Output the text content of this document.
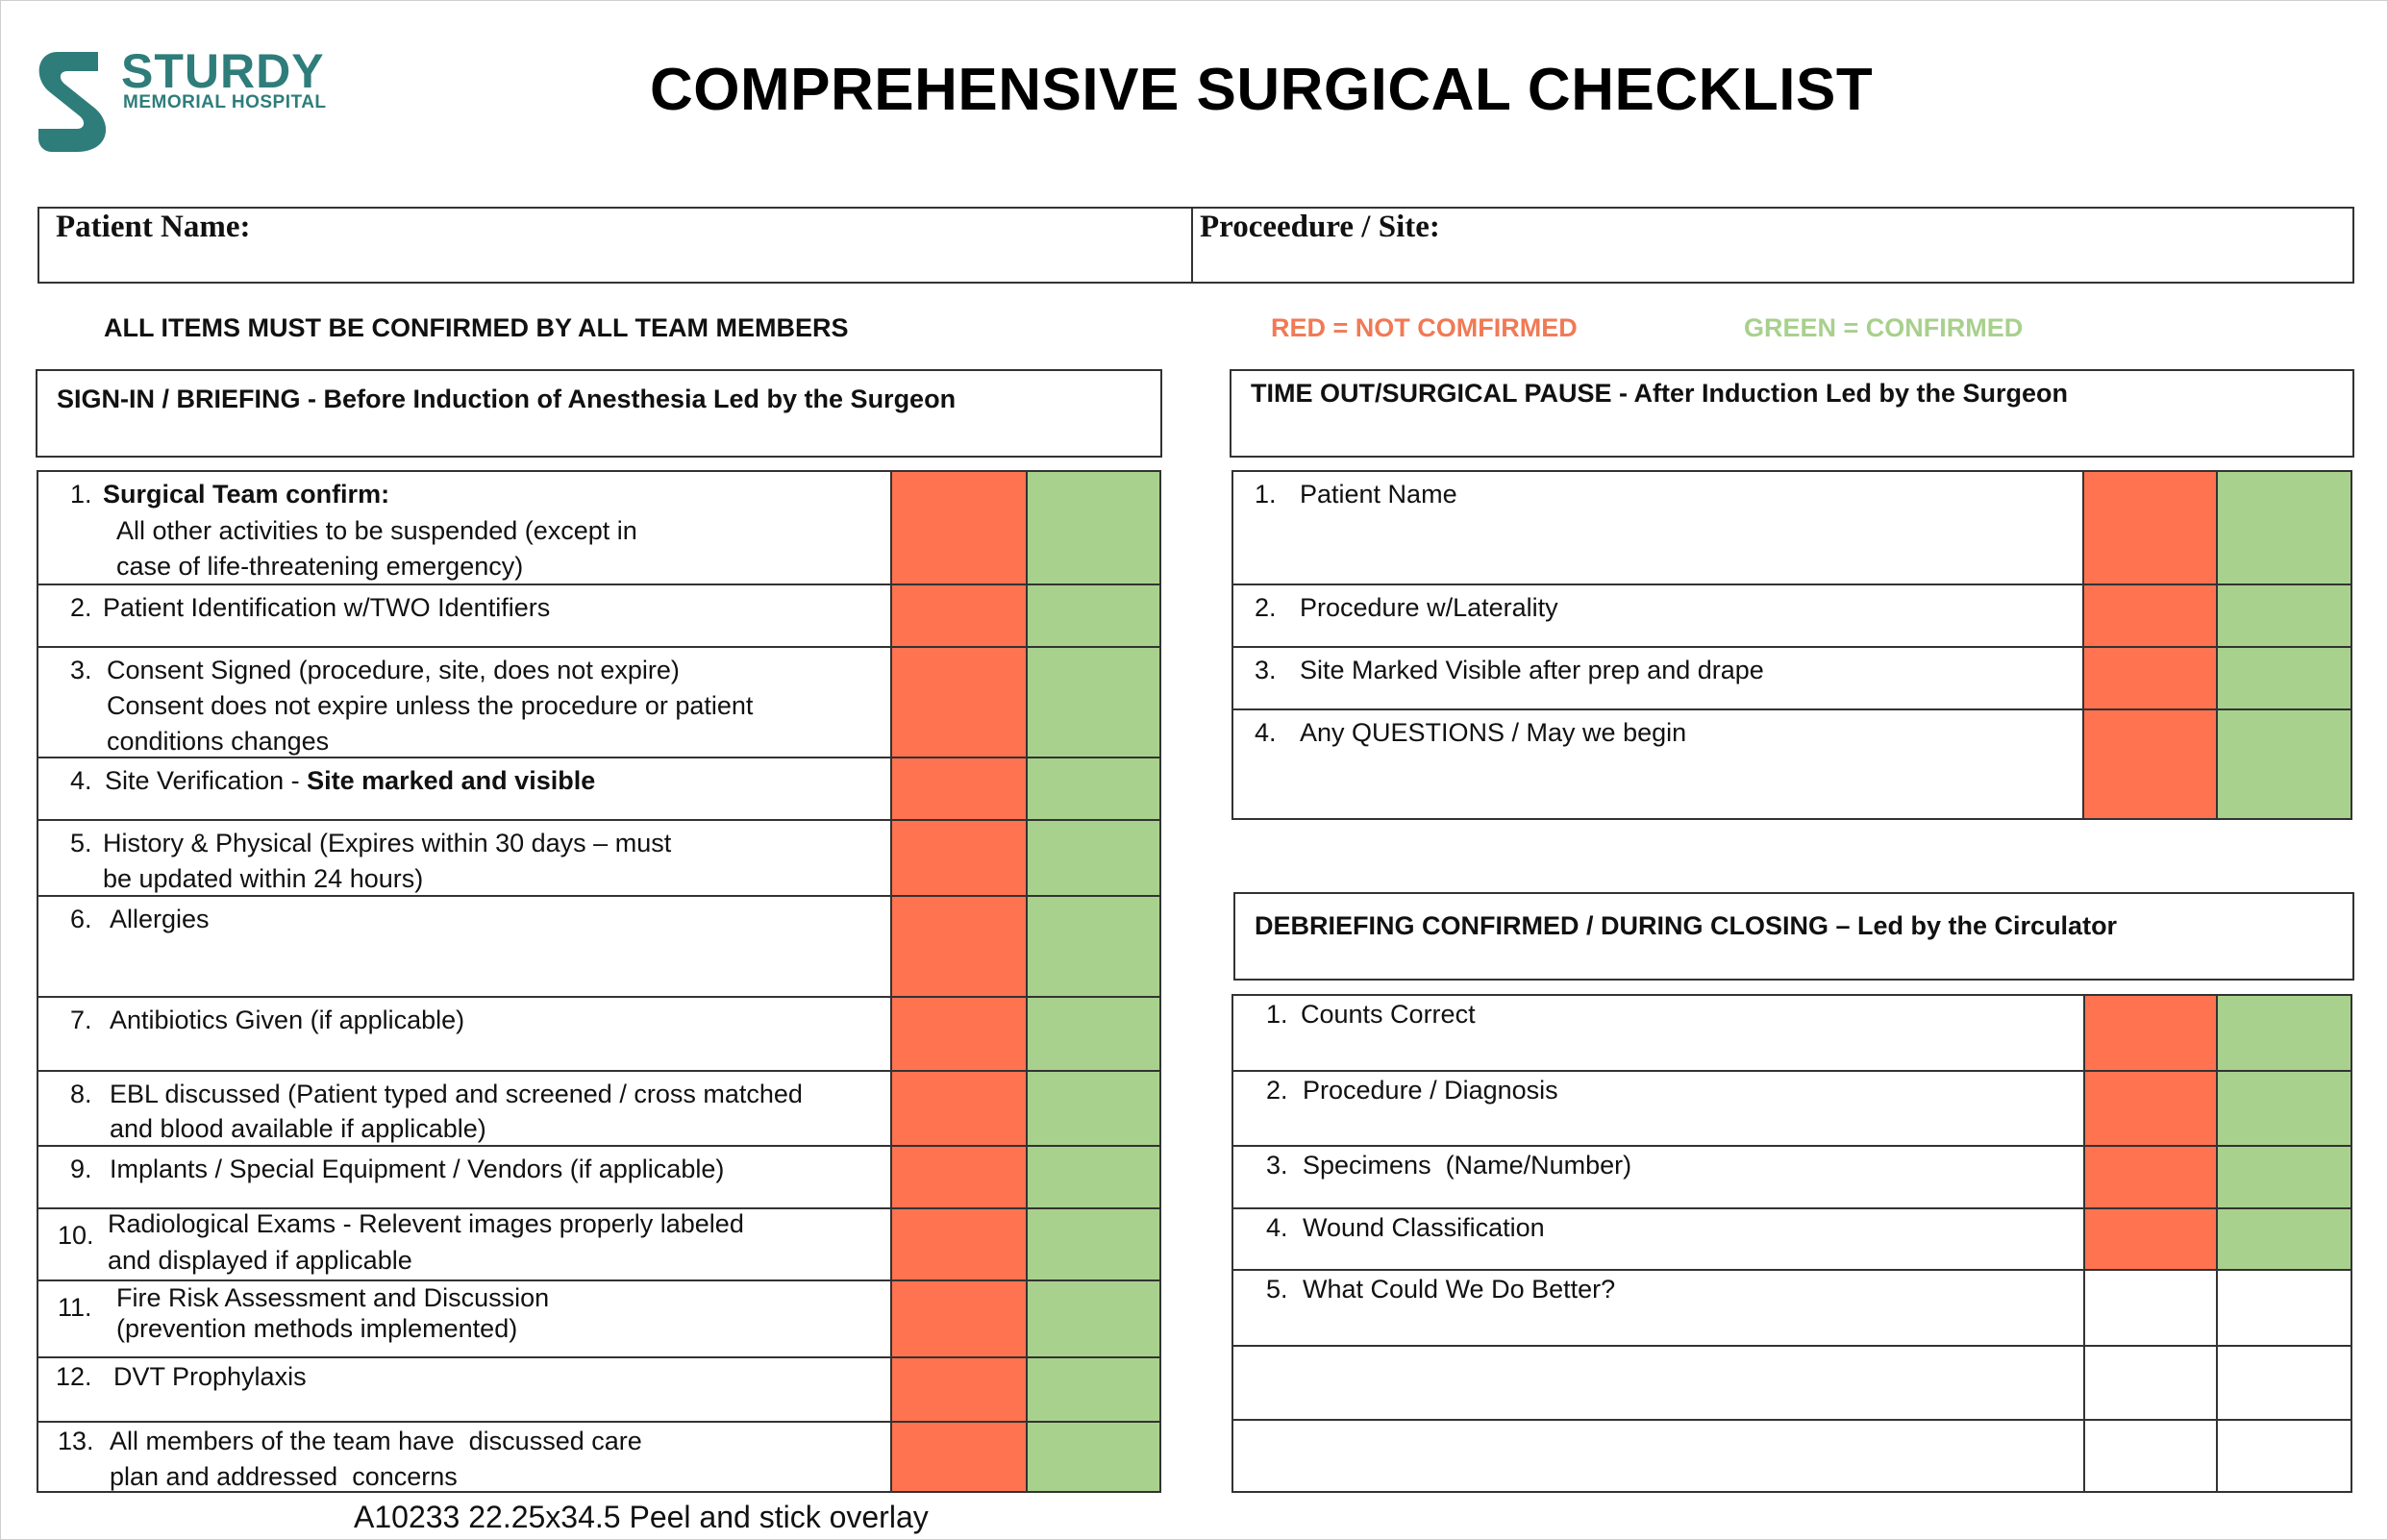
STURDY
MEMORIAL HOSPITAL	COMPREHENSIVE SURGICAL CHECKLIST
Patient Name:	Proceedure / Site:
ALL ITEMS MUST BE CONFIRMED BY ALL TEAM MEMBERS	RED = NOT COMFIRMED	GREEN = CONFIRMED
SIGN-IN / BRIEFING - Before Induction of Anesthesia Led by the Surgeon
1. Surgical Team confirm:
All other activities to be suspended (except in
case of life-threatening emergency)
2. Patient Identification w/TWO Identifiers
3. Consent Signed (procedure, site, does not expire)
Consent does not expire unless the procedure or patient
conditions changes
4. Site Verification - Site marked and visible
5. History & Physical (Expires within 30 days – must
be updated within 24 hours)
6. Allergies
7. Antibiotics Given (if applicable)
8. EBL discussed (Patient typed and screened / cross matched
and blood available if applicable)
9. Implants / Special Equipment / Vendors (if applicable)
10. Radiological Exams - Relevent images properly labeled
and displayed if applicable
11. Fire Risk Assessment and Discussion
(prevention methods implemented)
12. DVT Prophylaxis
13. All members of the team have  discussed care
plan and addressed  concerns
TIME OUT/SURGICAL PAUSE - After Induction Led by the Surgeon
1. Patient Name
2. Procedure w/Laterality
3. Site Marked Visible after prep and drape
4. Any QUESTIONS / May we begin
DEBRIEFING CONFIRMED / DURING CLOSING – Led by the Circulator
1. Counts Correct
2. Procedure / Diagnosis
3. Specimens  (Name/Number)
4. Wound Classification
5. What Could We Do Better?
A10233 22.25x34.5 Peel and stick overlay
